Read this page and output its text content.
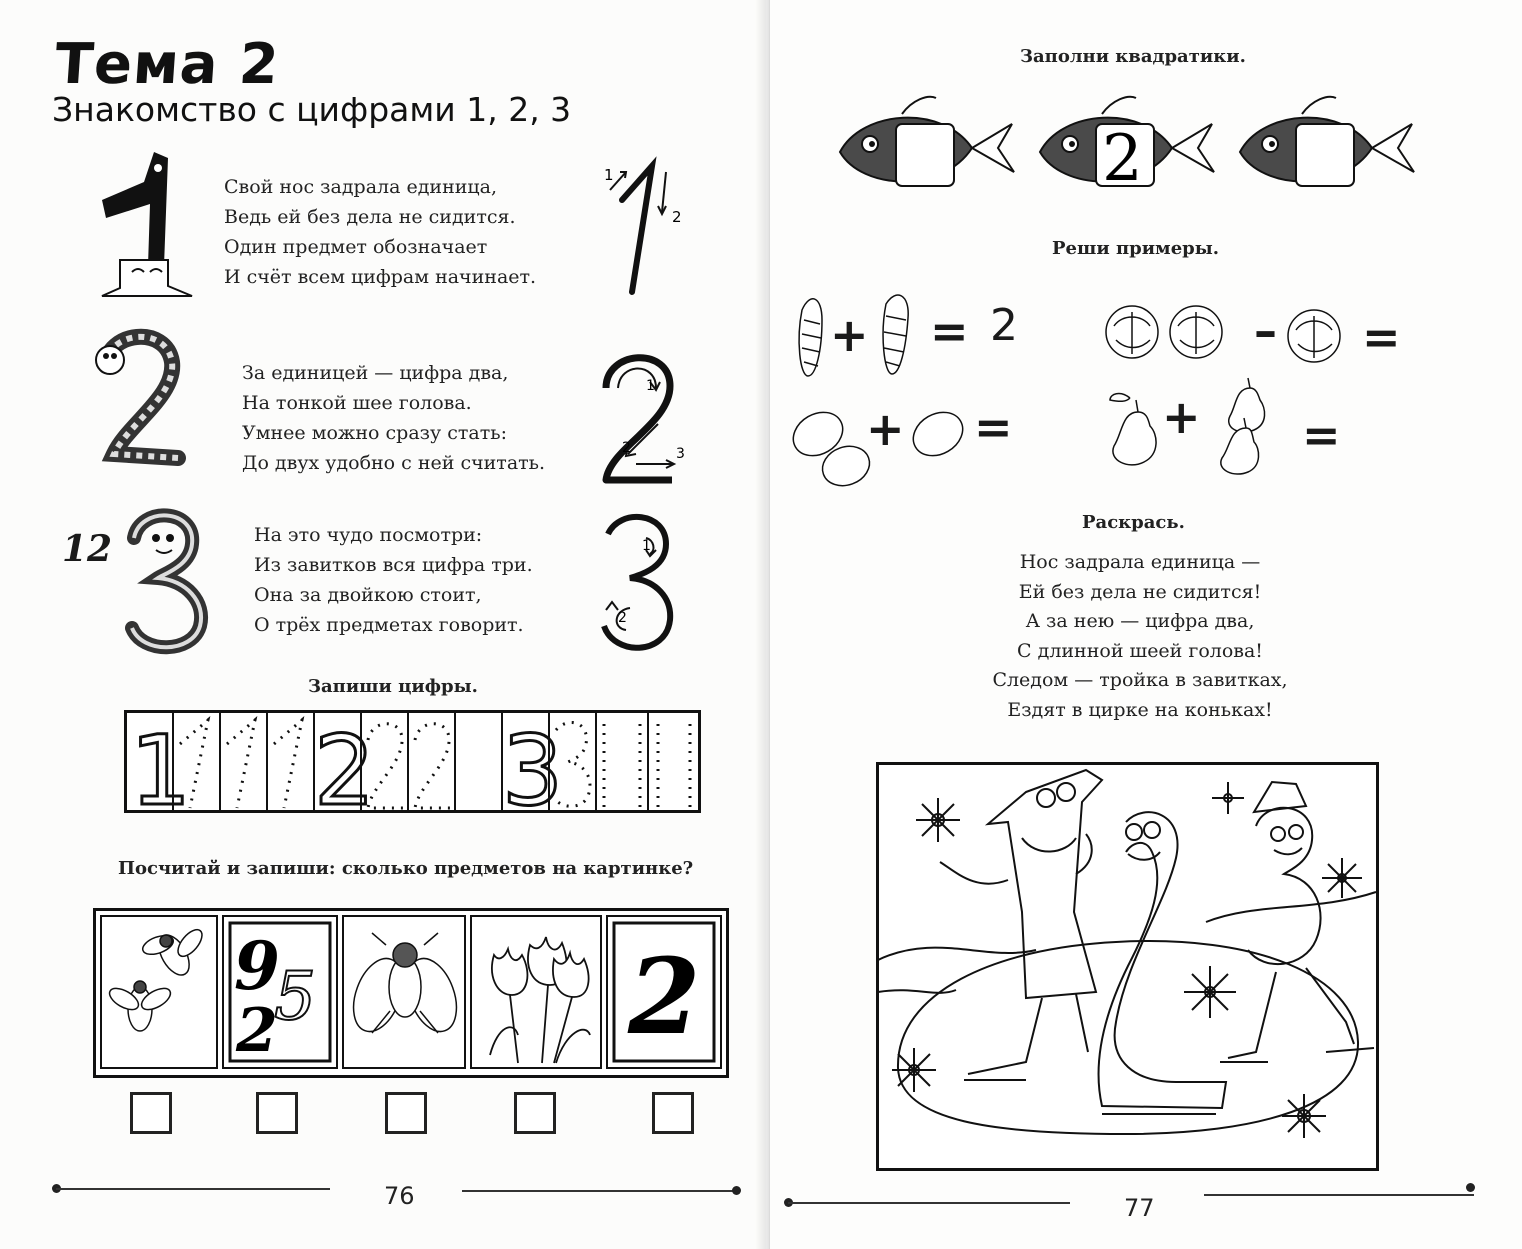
Тема 2
Знакомство с цифрами 1, 2, 3
Свой нос задрала единица,
Ведь ей без дела не сидится.
Один предмет обозначает
И счёт всем цифрам начинает.
1
2
За единицей — цифра два,
На тонкой шее голова.
Умнее можно сразу стать:
До двух удобно с ней считать.
1
2	3
12	На это чудо посмотри:
Из завитков вся цифра три.
Она за двойкою стоит,
О трёх предметах говорит.
1
2
Запиши цифры.
1 2 3
Посчитай и запиши: сколько предметов на картинке?
9
5
2	2
76
Заполни квадратики.
2
Реши примеры.
+ = 2	– =
+ =	+ =
Раскрась.
Нос задрала единица —
Ей без дела не сидится!
А за нею — цифра два,
С длинной шеей голова!
Следом — тройка в завитках,
Ездят в цирке на коньках!
77
